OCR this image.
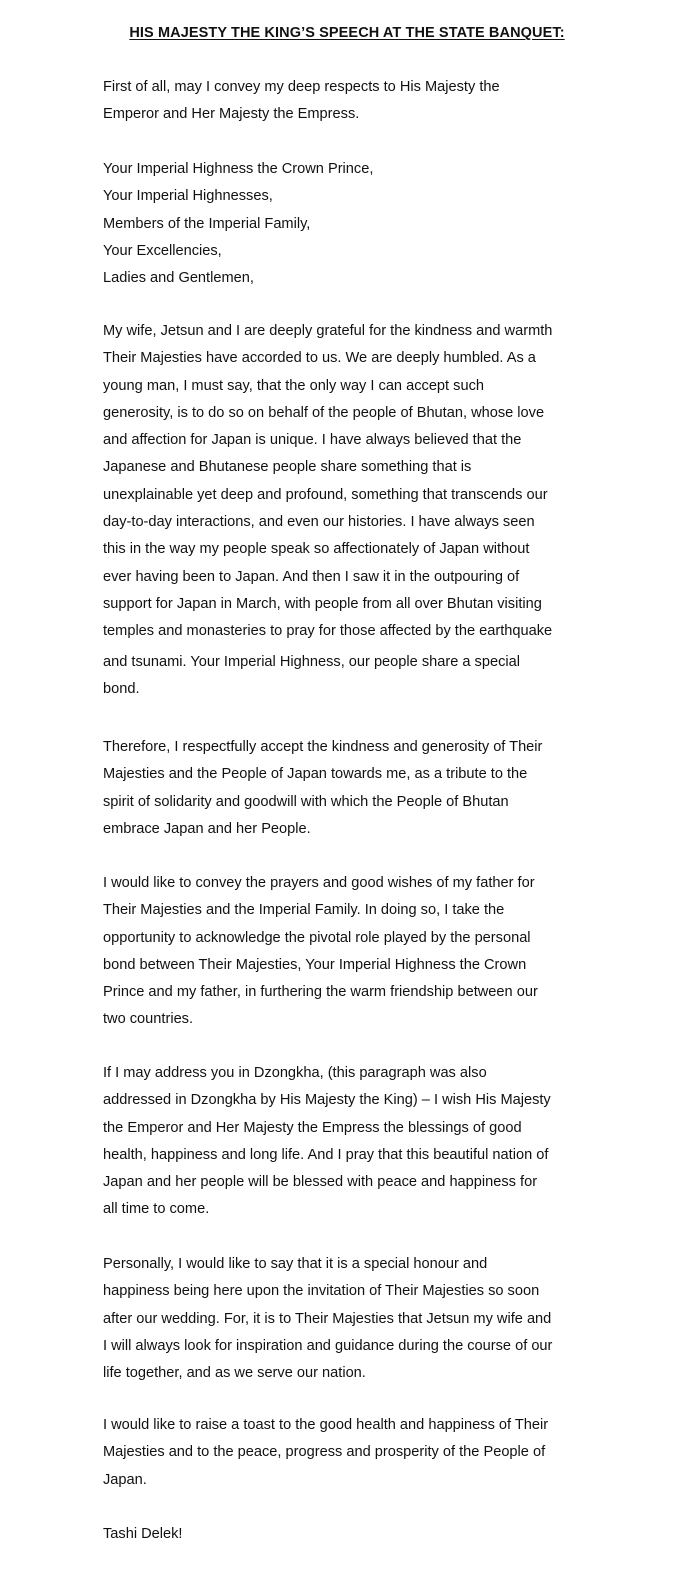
HIS MAJESTY THE KING’S SPEECH AT THE STATE BANQUET:
First of all, may I convey my deep respects to His Majesty the
Emperor and Her Majesty the Empress.
Your Imperial Highness the Crown Prince,
Your Imperial Highnesses,
Members of the Imperial Family,
Your Excellencies,
Ladies and Gentlemen,
My wife, Jetsun and I are deeply grateful for the kindness and warmth
Their Majesties have accorded to us. We are deeply humbled. As a
young man, I must say, that the only way I can accept such
generosity, is to do so on behalf of the people of Bhutan, whose love
and affection for Japan is unique. I have always believed that the
Japanese and Bhutanese people share something that is
unexplainable yet deep and profound, something that transcends our
day-to-day interactions, and even our histories. I have always seen
this in the way my people speak so affectionately of Japan without
ever having been to Japan. And then I saw it in the outpouring of
support for Japan in March, with people from all over Bhutan visiting
temples and monasteries to pray for those affected by the earthquake
and tsunami. Your Imperial Highness, our people share a special
bond.
Therefore, I respectfully accept the kindness and generosity of Their
Majesties and the People of Japan towards me, as a tribute to the
spirit of solidarity and goodwill with which the People of Bhutan
embrace Japan and her People.
I would like to convey the prayers and good wishes of my father for
Their Majesties and the Imperial Family. In doing so, I take the
opportunity to acknowledge the pivotal role played by the personal
bond between Their Majesties, Your Imperial Highness the Crown
Prince and my father, in furthering the warm friendship between our
two countries.
If I may address you in Dzongkha, (this paragraph was also
addressed in Dzongkha by His Majesty the King) – I wish His Majesty
the Emperor and Her Majesty the Empress the blessings of good
health, happiness and long life. And I pray that this beautiful nation of
Japan and her people will be blessed with peace and happiness for
all time to come.
Personally, I would like to say that it is a special honour and
happiness being here upon the invitation of Their Majesties so soon
after our wedding. For, it is to Their Majesties that Jetsun my wife and
I will always look for inspiration and guidance during the course of our
life together, and as we serve our nation.
I would like to raise a toast to the good health and happiness of Their
Majesties and to the peace, progress and prosperity of the People of
Japan.
Tashi Delek!
